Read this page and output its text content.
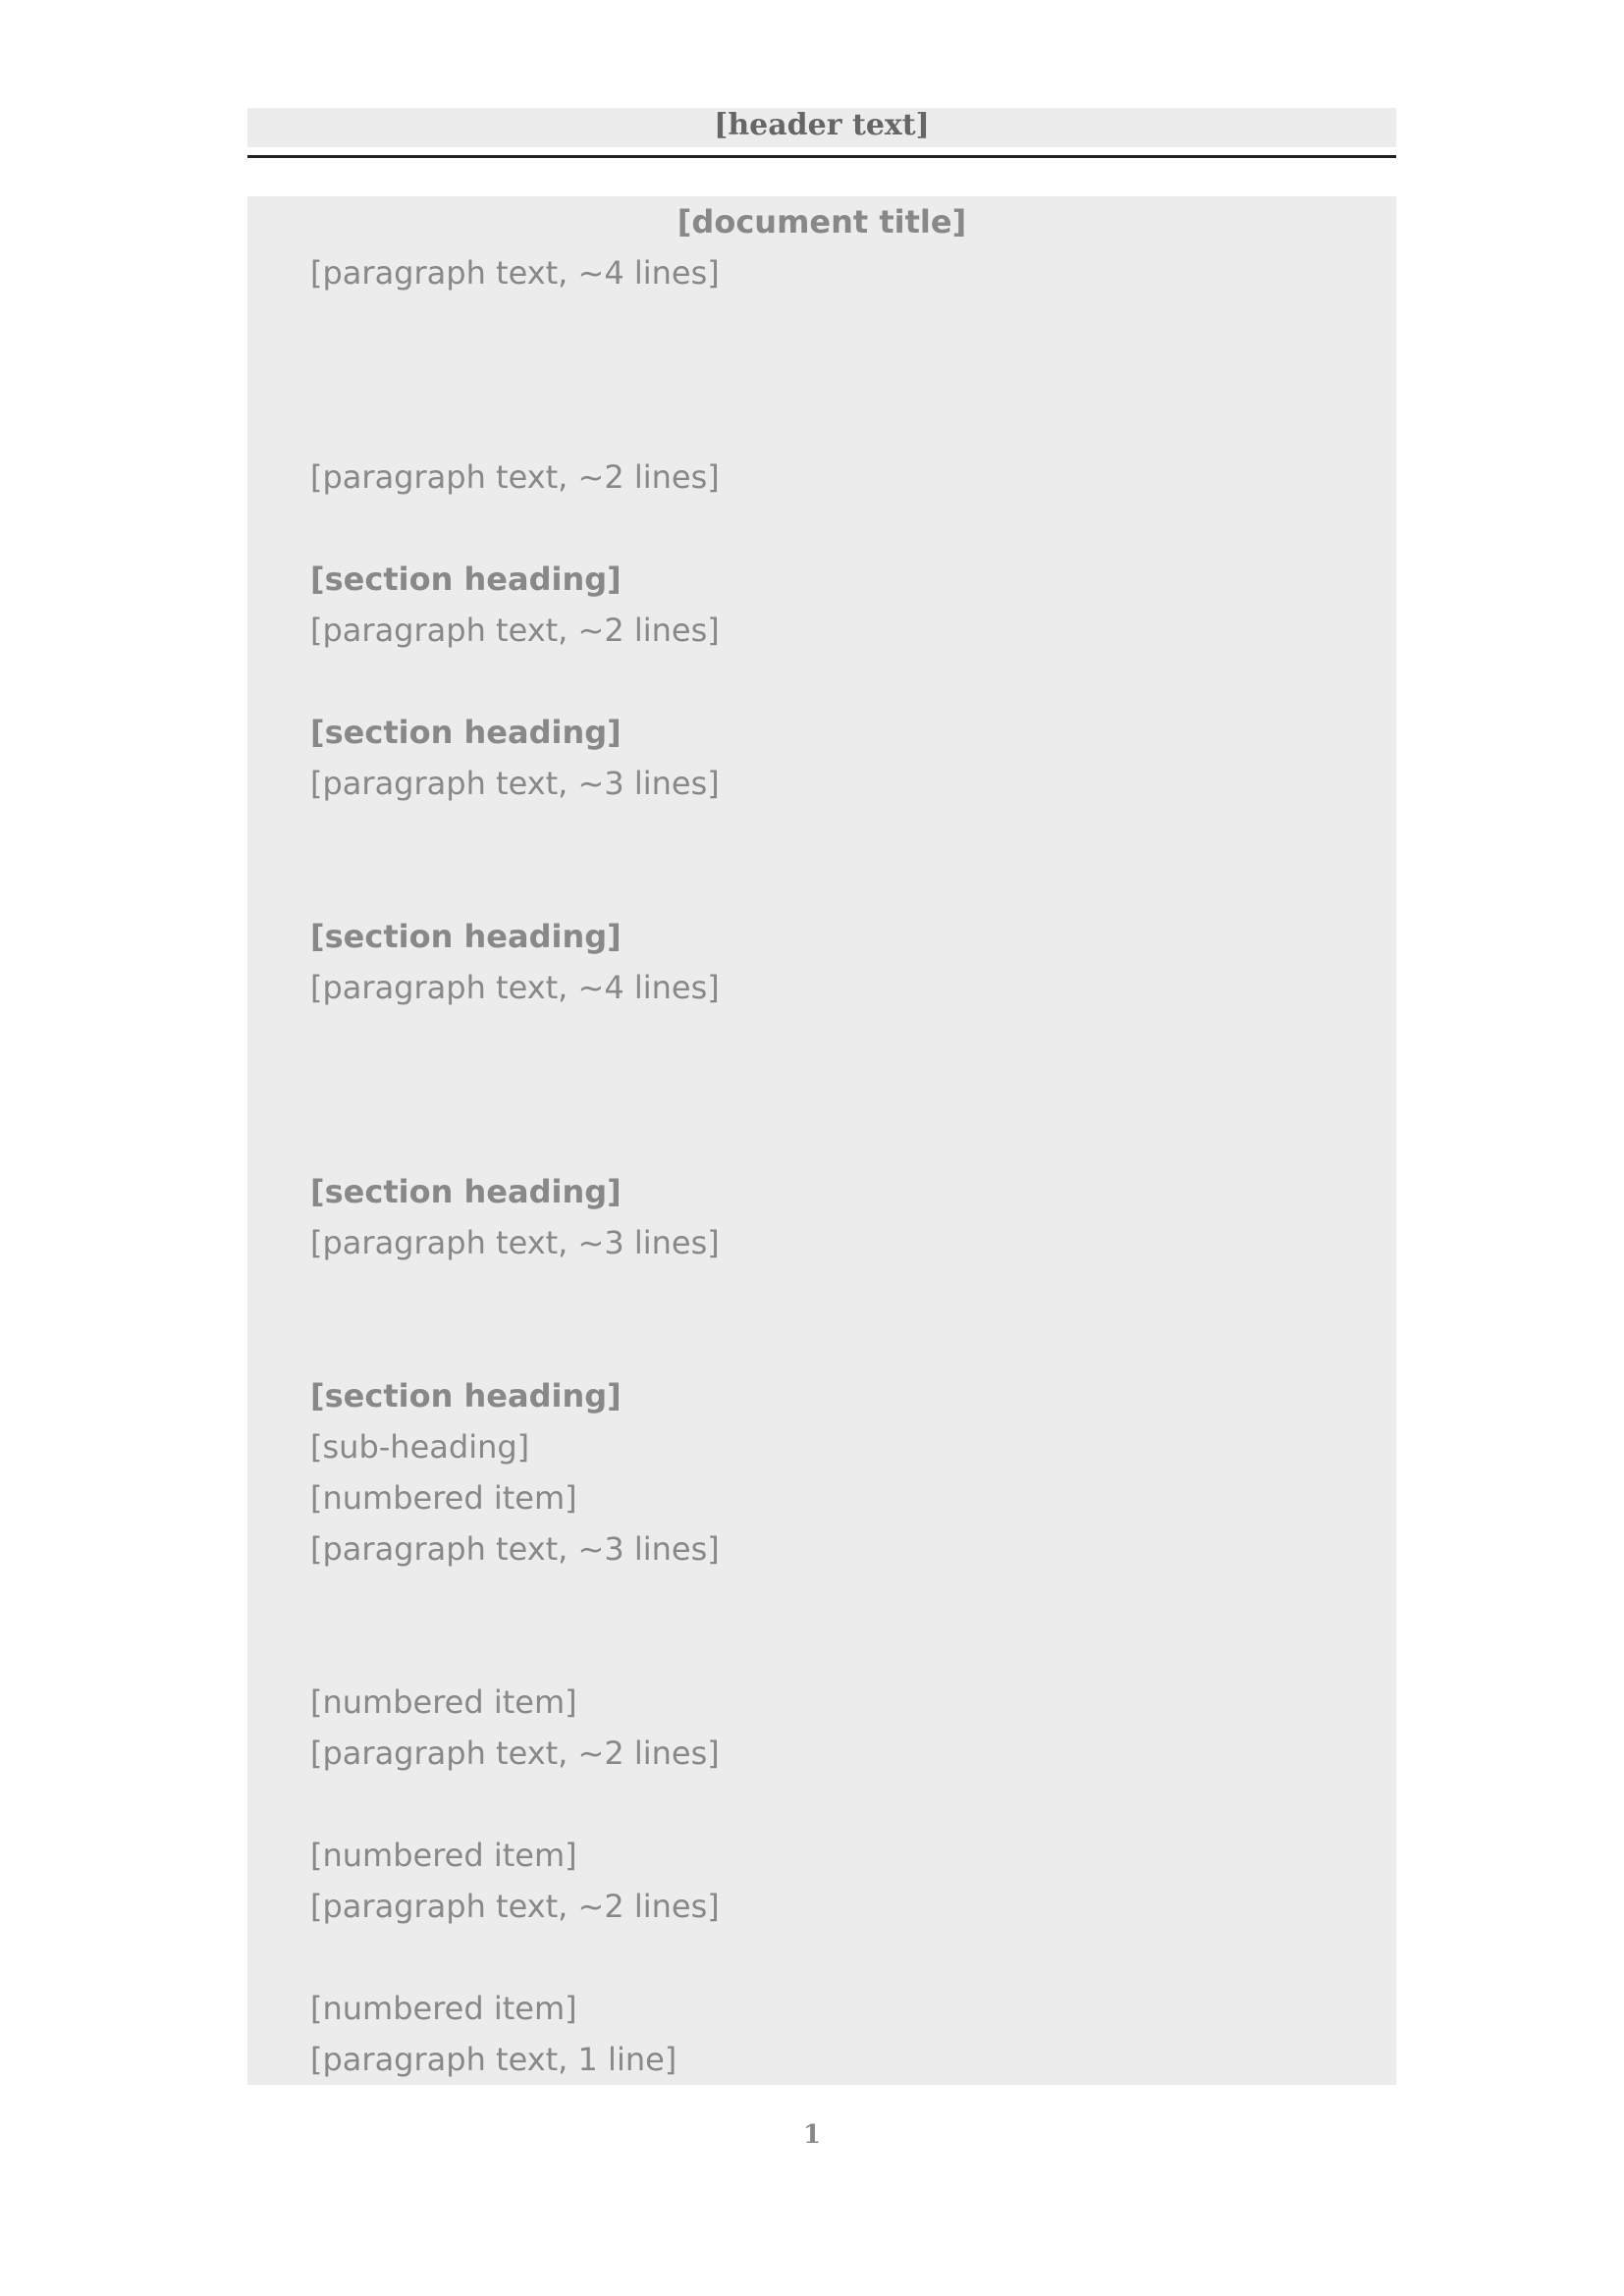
[header text]
[document title]

[paragraph text, ~4 lines]

[paragraph text, ~2 lines]

[section heading]

[paragraph text, ~2 lines]

[section heading]

[paragraph text, ~3 lines]

[section heading]

[paragraph text, ~4 lines]

[section heading]

[paragraph text, ~3 lines]

[section heading]

[sub-heading]

[numbered item]

[paragraph text, ~3 lines]

[numbered item]

[paragraph text, ~2 lines]

[numbered item]

[paragraph text, ~2 lines]

[numbered item]

[paragraph text, 1 line]

1
